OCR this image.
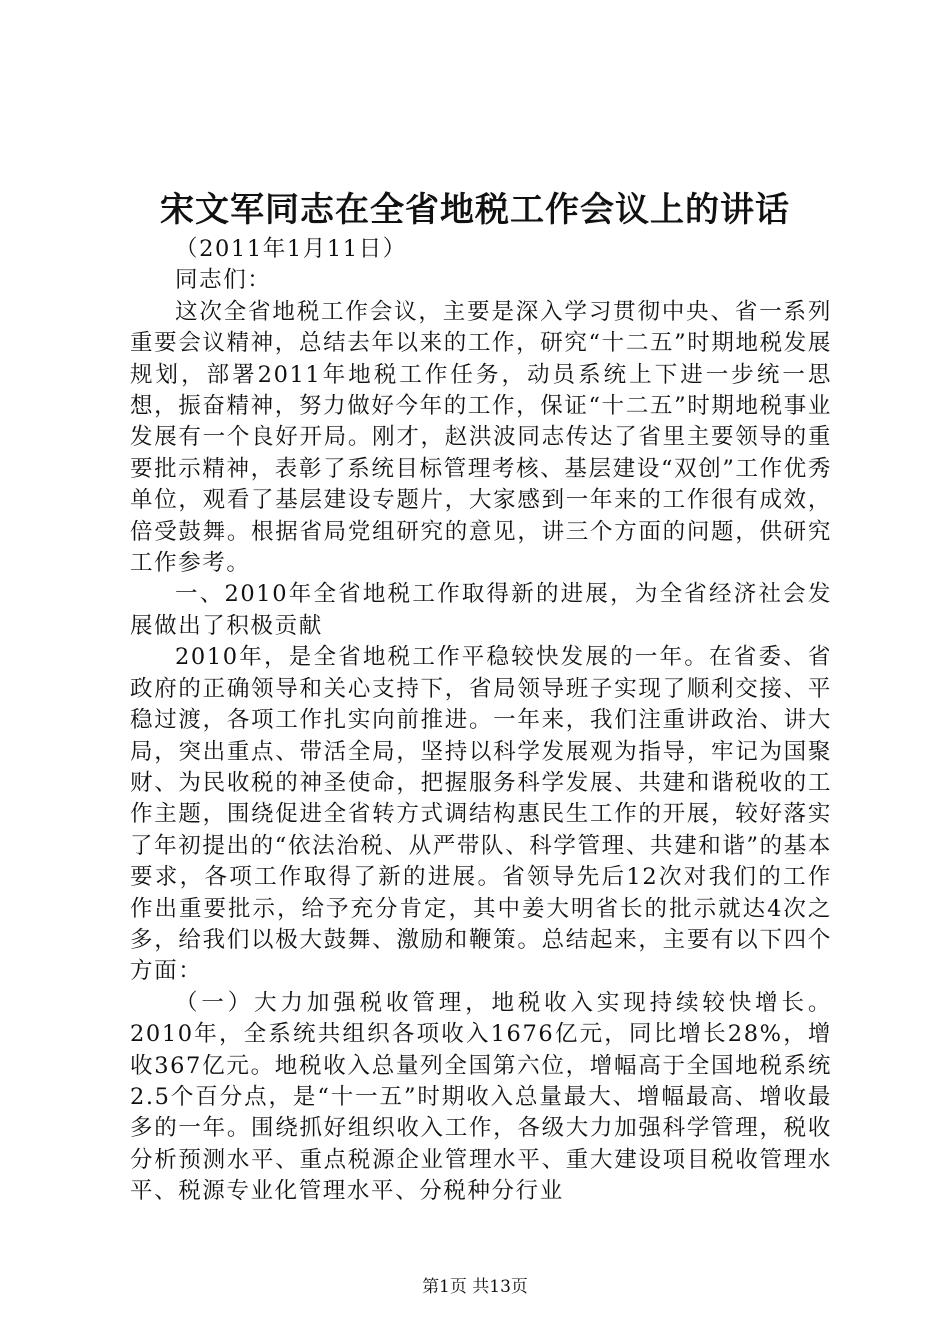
宋文军同志在全省地税工作会议上的讲话

（2011年1月11日）

同志们：

这次全省地税工作会议，主要是深入学习贯彻中央、省一系列重要会议精神，总结去年以来的工作，研究“十二五”时期地税发展规划，部署2011年地税工作任务，动员系统上下进一步统一思想，振奋精神，努力做好今年的工作，保证“十二五”时期地税事业发展有一个良好开局。刚才，赵洪波同志传达了省里主要领导的重要批示精神，表彰了系统目标管理考核、基层建设“双创”工作优秀单位，观看了基层建设专题片，大家感到一年来的工作很有成效，倍受鼓舞。根据省局党组研究的意见，讲三个方面的问题，供研究工作参考。

一、2010年全省地税工作取得新的进展，为全省经济社会发展做出了积极贡献

2010年，是全省地税工作平稳较快发展的一年。在省委、省政府的正确领导和关心支持下，省局领导班子实现了顺利交接、平稳过渡，各项工作扎实向前推进。一年来，我们注重讲政治、讲大局，突出重点、带活全局，坚持以科学发展观为指导，牢记为国聚财、为民收税的神圣使命，把握服务科学发展、共建和谐税收的工作主题，围绕促进全省转方式调结构惠民生工作的开展，较好落实了年初提出的“依法治税、从严带队、科学管理、共建和谐”的基本要求，各项工作取得了新的进展。省领导先后12次对我们的工作作出重要批示，给予充分肯定，其中姜大明省长的批示就达4次之多，给我们以极大鼓舞、激励和鞭策。总结起来，主要有以下四个方面：

（一）大力加强税收管理，地税收入实现持续较快增长。2010年，全系统共组织各项收入1676亿元，同比增长28%，增收367亿元。地税收入总量列全国第六位，增幅高于全国地税系统2.5个百分点，是“十一五”时期收入总量最大、增幅最高、增收最多的一年。围绕抓好组织收入工作，各级大力加强科学管理，税收分析预测水平、重点税源企业管理水平、重大建设项目税收管理水平、税源专业化管理水平、分税种分行业

第1页 共13页
